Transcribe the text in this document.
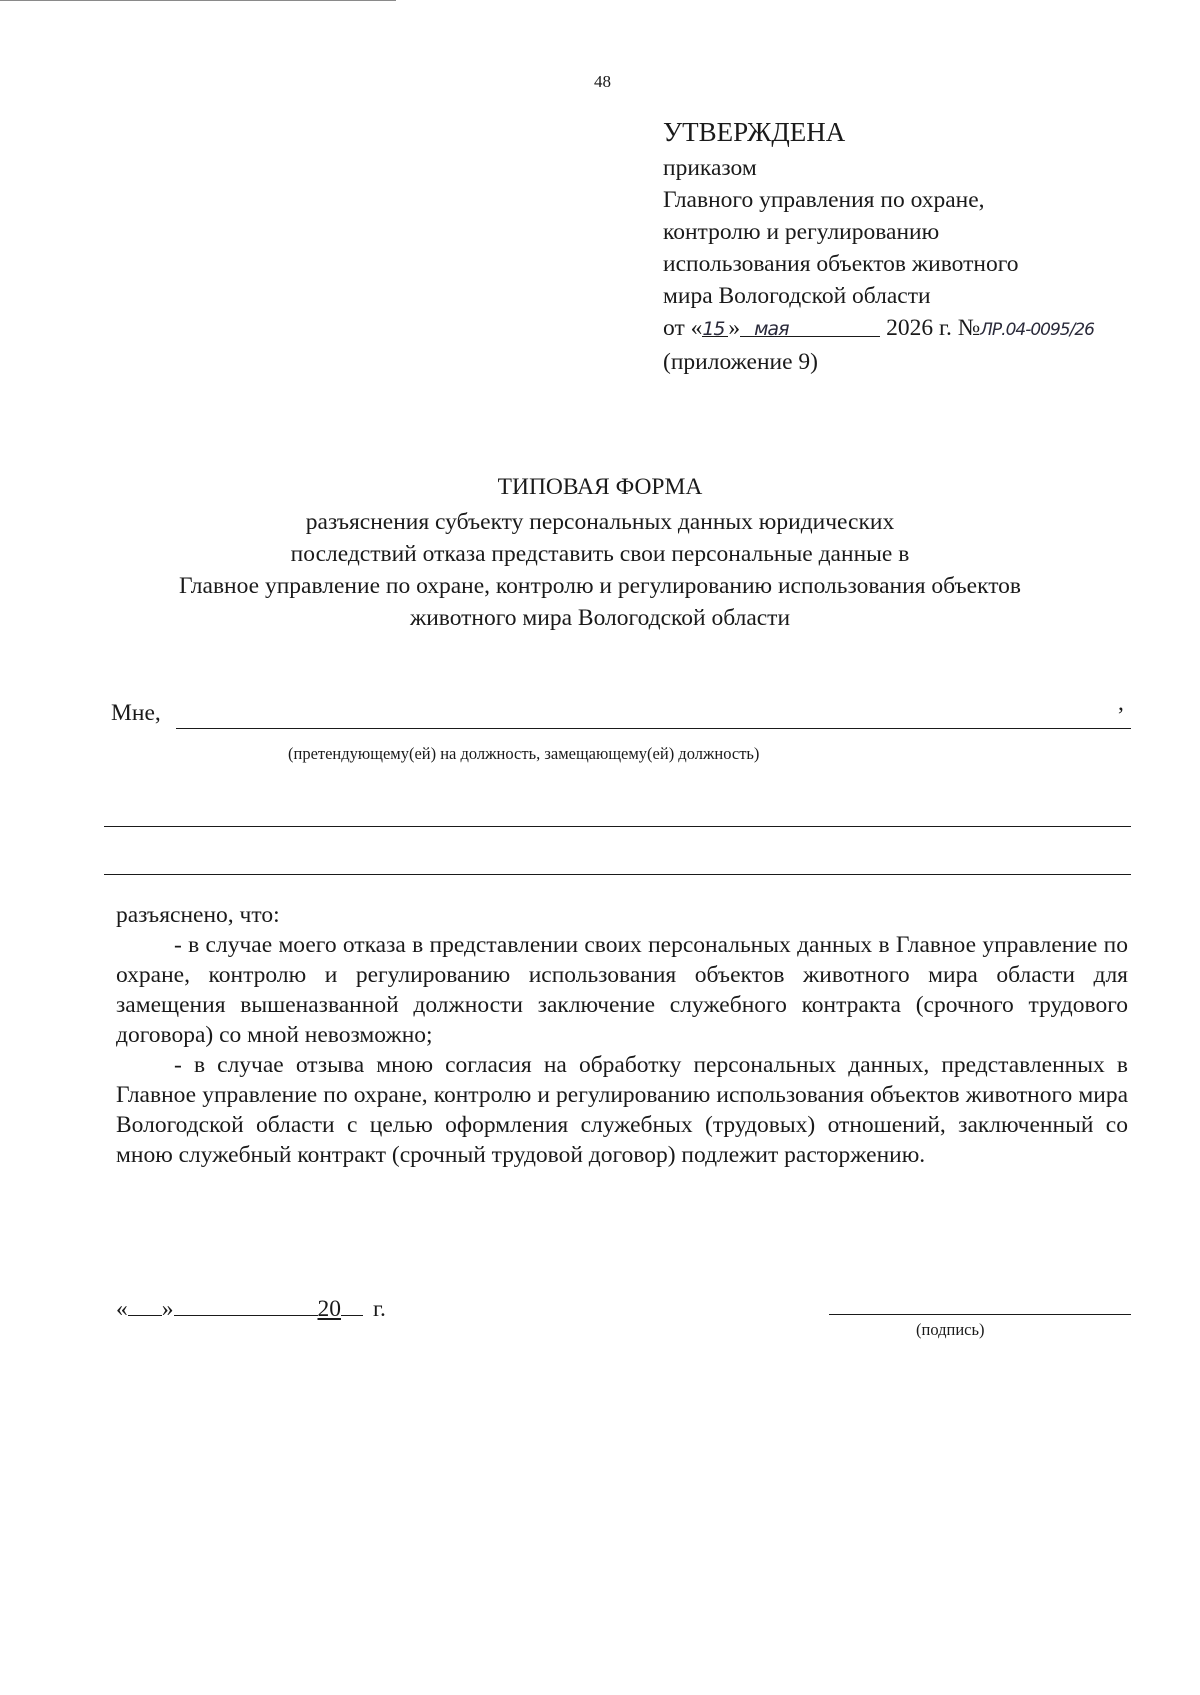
48
УТВЕРЖДЕНА
приказом
Главного управления по охране,
контролю и регулированию
использования объектов животного
мира Вологодской области
от «15 » мая	2026 г. №ЛР.04-0095/26
(приложение 9)
ТИПОВАЯ ФОРМА
разъяснения субъекту персональных данных юридических
последствий отказа представить свои персональные данные в
Главное управление по охране, контролю и регулированию использования объектов
животного мира Вологодской области
Мне,	,
(претендующему(ей) на должность, замещающему(ей) должность)

разъяснено, что:

- в случае моего отказа в представлении своих персональных данных в Главное управление по охране, контролю и регулированию использования объектов животного мира области для замещения вышеназванной должности заключение служебного контракта (срочного трудового договора) со мной невозможно;

- в случае отзыва мною согласия на обработку персональных данных, представленных в Главное управление по охране, контролю и регулированию использования объектов животного мира Вологодской области с целью оформления служебных (трудовых) отношений, заключенный со мною служебный контракт (срочный трудовой договор) подлежит расторжению.

« »	20 г.
(подпись)
